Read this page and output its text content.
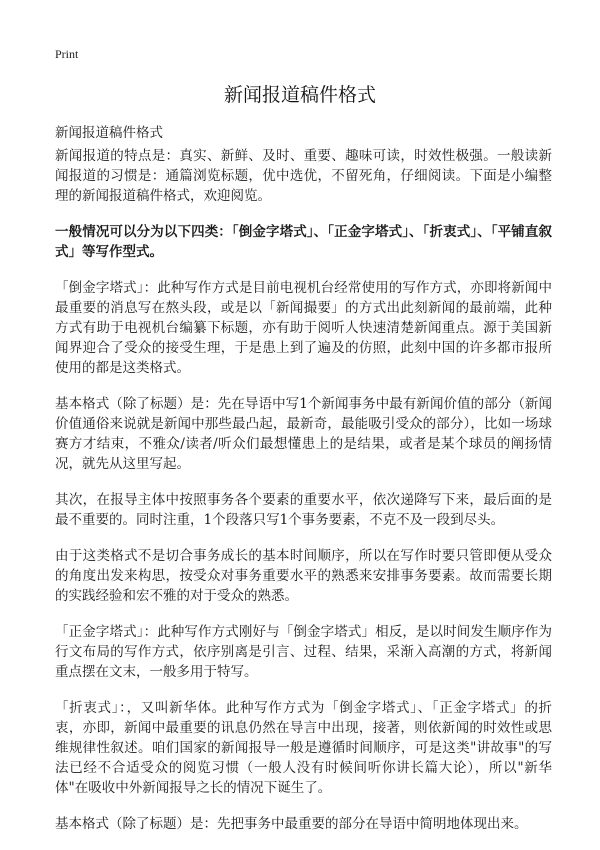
Print
新闻报道稿件格式
新闻报道稿件格式

新闻报道的特点是：真实、新鲜、及时、重要、趣味可读，时效性极强。一般读新闻报道的习惯是：通篇浏览标题，优中选优，不留死角，仔细阅读。下面是小编整理的新闻报道稿件格式，欢迎阅览。

一般情况可以分为以下四类：「倒金字塔式」、「正金字塔式」、「折衷式」、「平铺直叙式」等写作型式。

「倒金字塔式」：此种写作方式是目前电视机台经常使用的写作方式，亦即将新闻中最重要的消息写在熬头段，或是以「新闻撮要」的方式出此刻新闻的最前端，此种方式有助于电视机台编纂下标题，亦有助于阅听人快速清楚新闻重点。源于美国新闻界迎合了受众的接受生理，于是患上到了遍及的仿照，此刻中国的许多都市报所使用的都是这类格式。

基本格式（除了标题）是：先在导语中写1个新闻事务中最有新闻价值的部分（新闻价值通俗来说就是新闻中那些最凸起，最新奇，最能吸引受众的部分），比如一场球赛方才结束，不雅众/读者/听众们最想懂患上的是结果，或者是某个球员的阐扬情况，就先从这里写起。

其次，在报导主体中按照事务各个要素的重要水平，依次递降写下来，最后面的是最不重要的。同时注重，1个段落只写1个事务要素，不克不及一段到尽头。

由于这类格式不是切合事务成长的基本时间顺序，所以在写作时要只管即便从受众的角度出发来构思，按受众对事务重要水平的熟悉来安排事务要素。故而需要长期的实践经验和宏不雅的对于受众的熟悉。

「正金字塔式」：此种写作方式刚好与「倒金字塔式」相反，是以时间发生顺序作为行文布局的写作方式，依序别离是引言、过程、结果，采渐入高潮的方式，将新闻重点摆在文末，一般多用于特写。

「折衷式」：，又叫新华体。此种写作方式为「倒金字塔式」、「正金字塔式」的折衷，亦即，新闻中最重要的讯息仍然在导言中出现，接著，则依新闻的时效性或思维规律性叙述。咱们国家的新闻报导一般是遵循时间顺序，可是这类"讲故事"的写法已经不合适受众的阅览习惯（一般人没有时候间听你讲长篇大论），所以"新华体"在吸收中外新闻报导之长的情况下诞生了。

基本格式（除了标题）是：先把事务中最重要的部分在导语中简明地体现出来。
